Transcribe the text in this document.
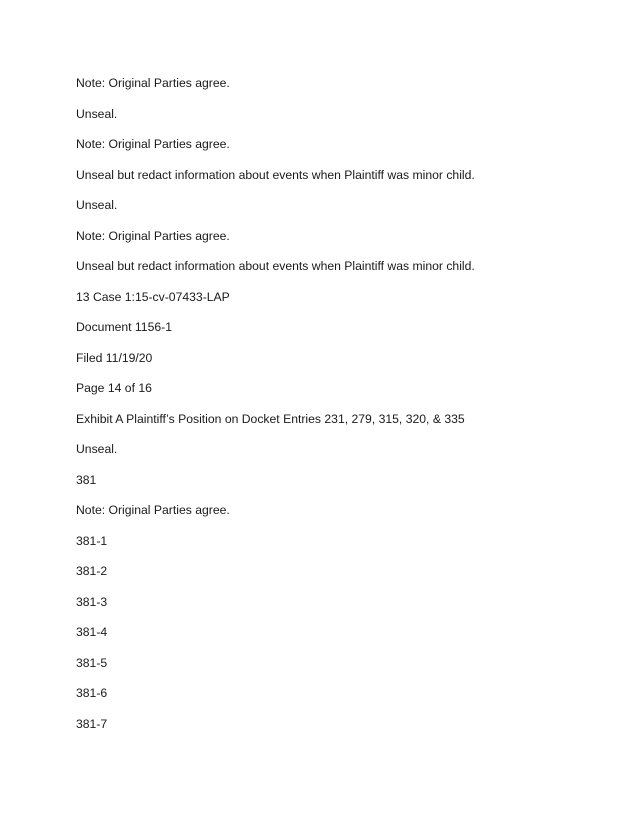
Note: Original Parties agree.
Unseal.
Note: Original Parties agree.
Unseal but redact information about events when Plaintiff was minor child.
Unseal.
Note: Original Parties agree.
Unseal but redact information about events when Plaintiff was minor child.
13 Case 1:15-cv-07433-LAP
Document 1156-1
Filed 11/19/20
Page 14 of 16
Exhibit A Plaintiff’s Position on Docket Entries 231, 279, 315, 320, & 335
Unseal.
381
Note: Original Parties agree.
381-1
381-2
381-3
381-4
381-5
381-6
381-7
